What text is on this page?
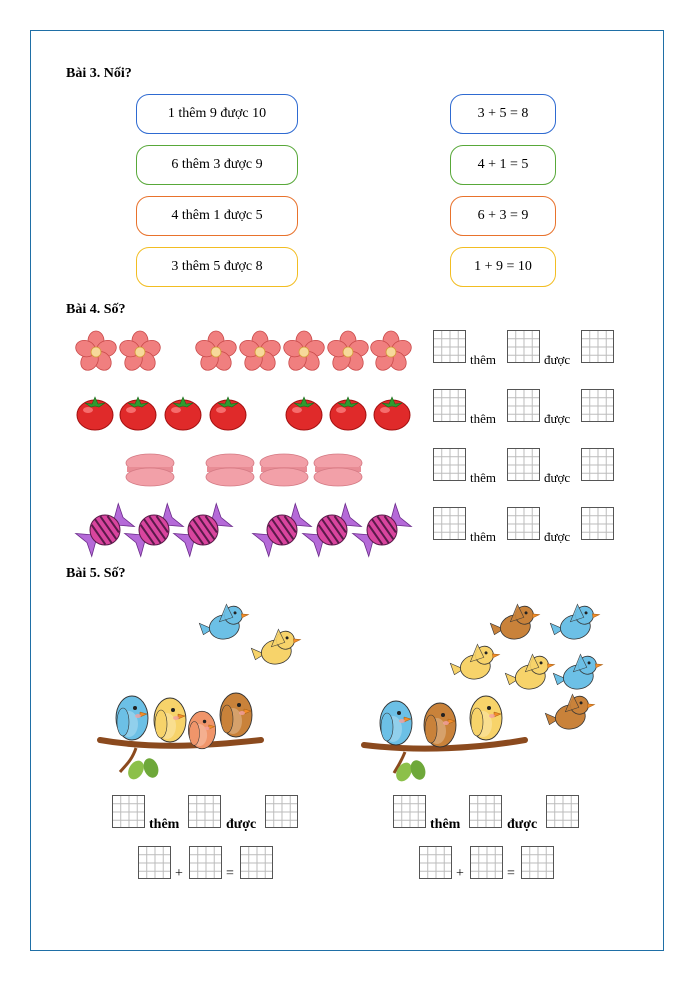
Bài 3. Nối?
1 thêm 9 được 10
6 thêm 3 được 9
4 thêm 1 được 5
3 thêm 5 được 8
3 + 5 = 8
4 + 1 = 5
6 + 3 = 9
1 + 9 = 10
Bài 4. Số?
thêm	được
thêm	được
thêm	được
thêm	được
Bài 5. Số?
thêm	được
+	=
thêm	được
+	=
